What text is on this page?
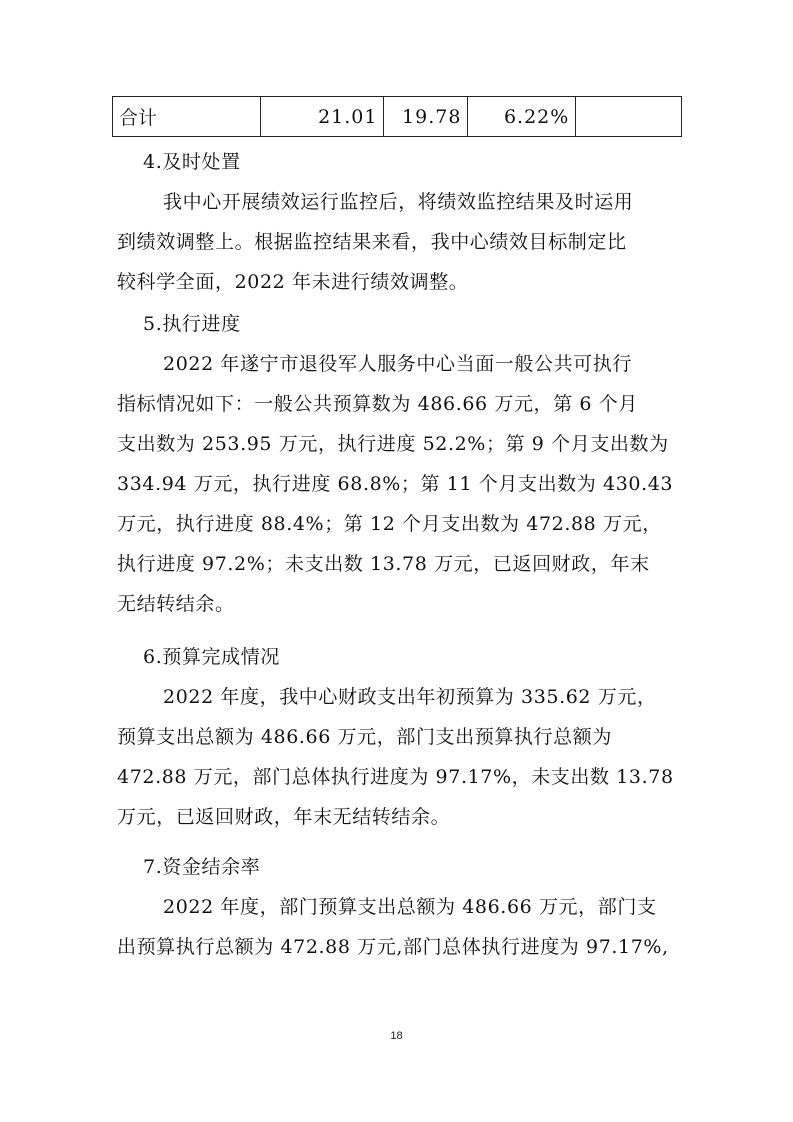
合计	21.01	19.78	6.22%	
4.及时处置
我中心开展绩效运行监控后，将绩效监控结果及时运用
到绩效调整上。根据监控结果来看，我中心绩效目标制定比
较科学全面，2022 年未进行绩效调整。
5.执行进度
2022 年遂宁市退役军人服务中心当面一般公共可执行
指标情况如下：一般公共预算数为 486.66 万元，第 6 个月
支出数为 253.95 万元，执行进度 52.2%；第 9 个月支出数为
334.94 万元，执行进度 68.8%；第 11 个月支出数为 430.43
万元，执行进度 88.4%；第 12 个月支出数为 472.88 万元，
执行进度 97.2%；未支出数 13.78 万元，已返回财政，年末
无结转结余。
6.预算完成情况
2022 年度，我中心财政支出年初预算为 335.62 万元，
预算支出总额为 486.66 万元，部门支出预算执行总额为
472.88 万元，部门总体执行进度为 97.17%，未支出数 13.78
万元，已返回财政，年末无结转结余。
7.资金结余率
2022 年度，部门预算支出总额为 486.66 万元，部门支
出预算执行总额为 472.88 万元,部门总体执行进度为 97.17%,
18
